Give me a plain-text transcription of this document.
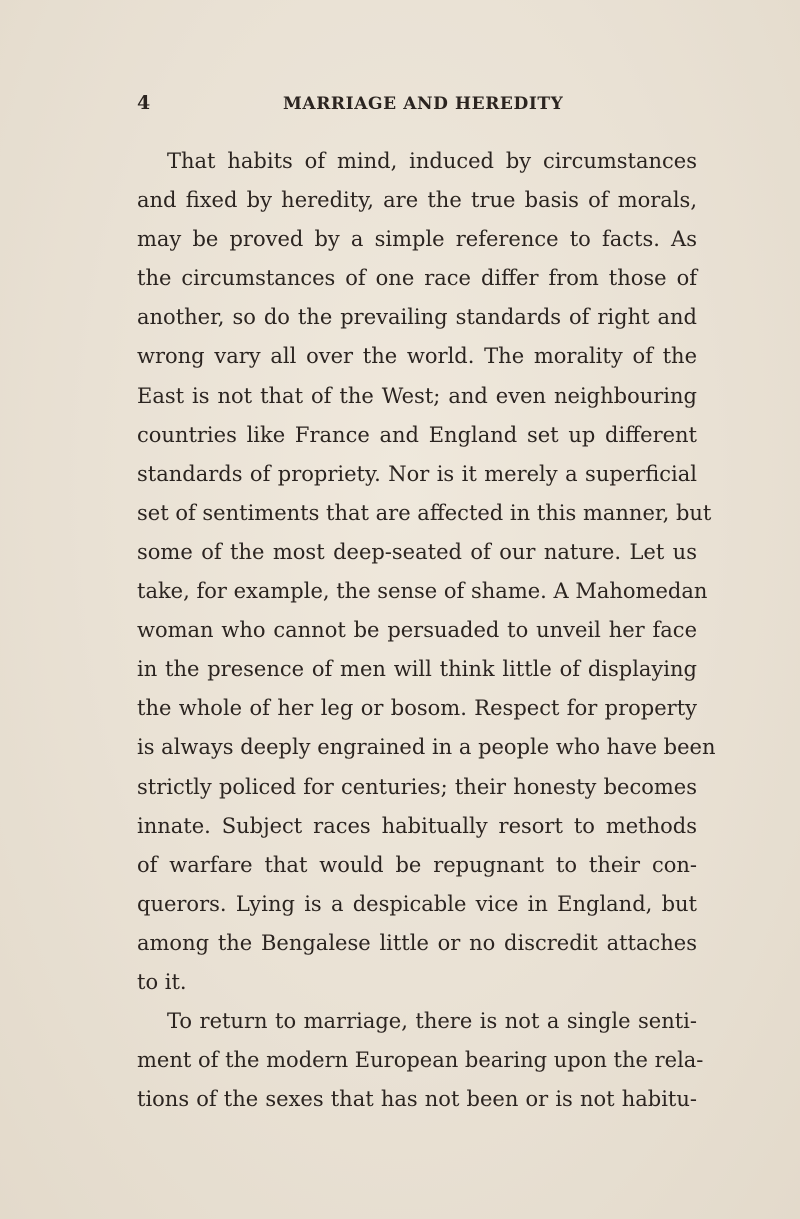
4	MARRIAGE AND HEREDITY
That habits of mind, induced by circumstances
and fixed by heredity, are the true basis of morals,
may be proved by a simple reference to facts. As
the circumstances of one race differ from those of
another, so do the prevailing standards of right and
wrong vary all over the world. The morality of the
East is not that of the West; and even neighbouring
countries like France and England set up different
standards of propriety. Nor is it merely a superficial
set of sentiments that are affected in this manner, but
some of the most deep-seated of our nature. Let us
take, for example, the sense of shame. A Mahomedan
woman who cannot be persuaded to unveil her face
in the presence of men will think little of displaying
the whole of her leg or bosom. Respect for property
is always deeply engrained in a people who have been
strictly policed for centuries; their honesty becomes
innate. Subject races habitually resort to methods
of warfare that would be repugnant to their con-
querors. Lying is a despicable vice in England, but
among the Bengalese little or no discredit attaches
to it.
To return to marriage, there is not a single senti-
ment of the modern European bearing upon the rela-
tions of the sexes that has not been or is not habitu-
